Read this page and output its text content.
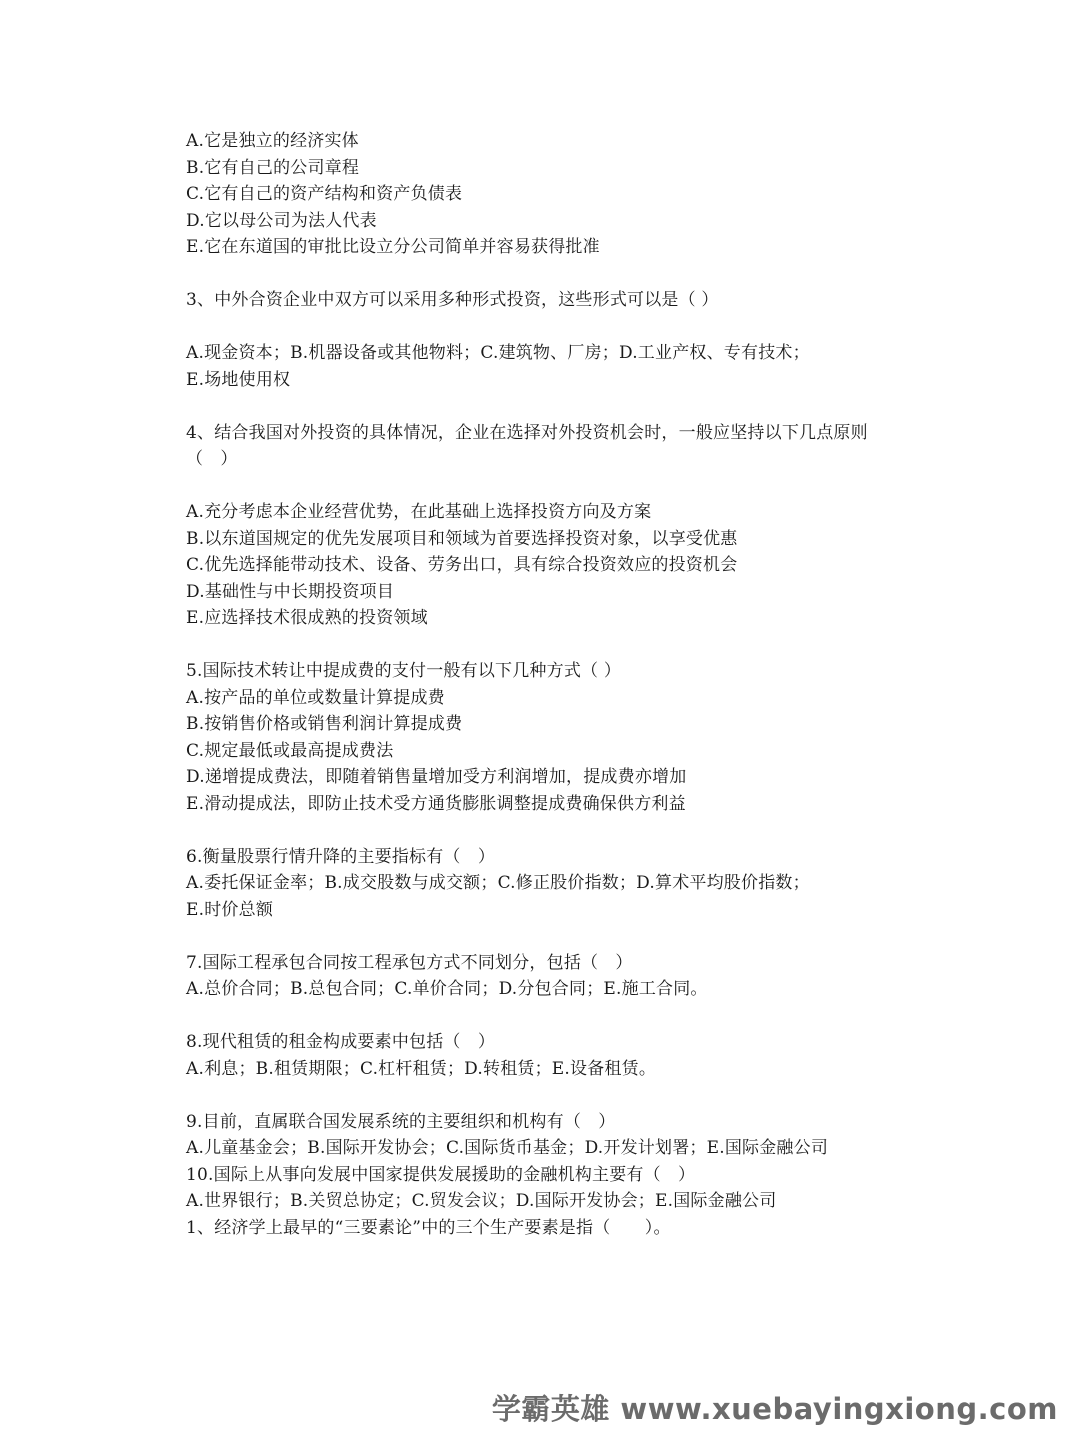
A.它是独立的经济实体
B.它有自己的公司章程
C.它有自己的资产结构和资产负债表
D.它以母公司为法人代表
E.它在东道国的审批比设立分公司简单并容易获得批准
3、中外合资企业中双方可以采用多种形式投资，这些形式可以是（ ）
A.现金资本；B.机器设备或其他物料；C.建筑物、厂房；D.工业产权、专有技术；
E.场地使用权
4、结合我国对外投资的具体情况，企业在选择对外投资机会时，一般应坚持以下几点原则
（　）
A.充分考虑本企业经营优势，在此基础上选择投资方向及方案
B.以东道国规定的优先发展项目和领域为首要选择投资对象，以享受优惠
C.优先选择能带动技术、设备、劳务出口，具有综合投资效应的投资机会
D.基础性与中长期投资项目
E.应选择技术很成熟的投资领域
5.国际技术转让中提成费的支付一般有以下几种方式（ ）
A.按产品的单位或数量计算提成费
B.按销售价格或销售利润计算提成费
C.规定最低或最高提成费法
D.递增提成费法，即随着销售量增加受方利润增加，提成费亦增加
E.滑动提成法，即防止技术受方通货膨胀调整提成费确保供方利益
6.衡量股票行情升降的主要指标有（　）
A.委托保证金率；B.成交股数与成交额；C.修正股价指数；D.算术平均股价指数；
E.时价总额
7.国际工程承包合同按工程承包方式不同划分，包括（　）
A.总价合同；B.总包合同；C.单价合同；D.分包合同；E.施工合同。
8.现代租赁的租金构成要素中包括（　）
A.利息；B.租赁期限；C.杠杆租赁；D.转租赁；E.设备租赁。
9.目前，直属联合国发展系统的主要组织和机构有（　）
A.儿童基金会；B.国际开发协会；C.国际货币基金；D.开发计划署；E.国际金融公司
10.国际上从事向发展中国家提供发展援助的金融机构主要有（　）
A.世界银行；B.关贸总协定；C.贸发会议；D.国际开发协会；E.国际金融公司
1、经济学上最早的“三要素论”中的三个生产要素是指（　　）。
学霸英雄 www.xuebayingxiong.com
